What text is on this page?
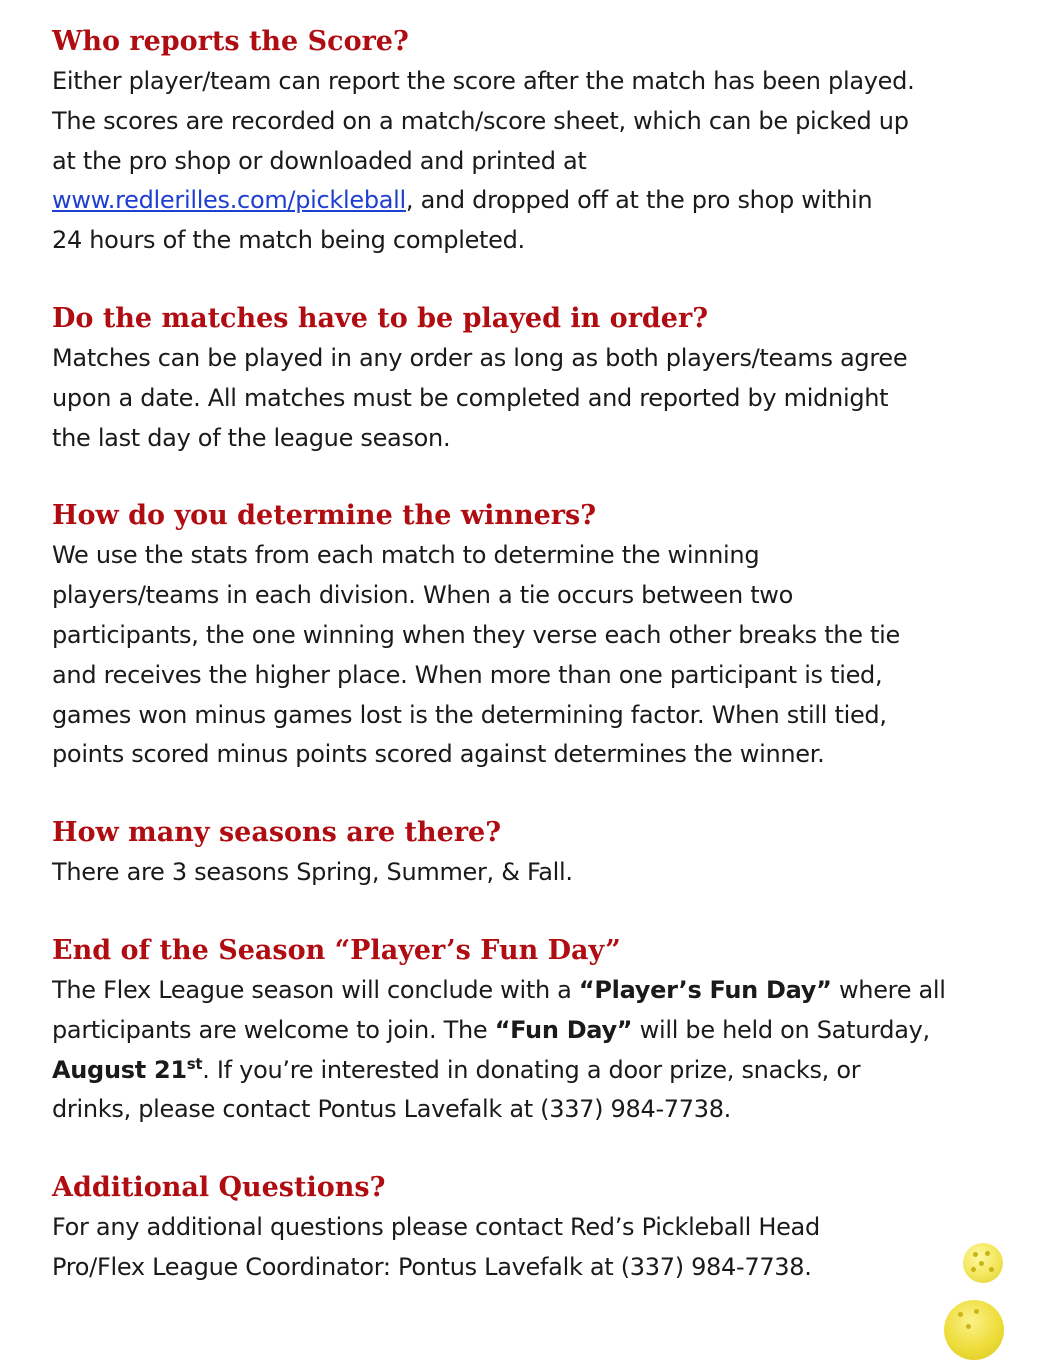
Who reports the Score?

Either player/team can report the score after the match has been played.
The scores are recorded on a match/score sheet, which can be picked up
at the pro shop or downloaded and printed at
www.redlerilles.com/pickleball, and dropped off at the pro shop within
24 hours of the match being completed.

Do the matches have to be played in order?

Matches can be played in any order as long as both players/teams agree
upon a date. All matches must be completed and reported by midnight
the last day of the league season.

How do you determine the winners?

We use the stats from each match to determine the winning
players/teams in each division. When a tie occurs between two
participants, the one winning when they verse each other breaks the tie
and receives the higher place. When more than one participant is tied,
games won minus games lost is the determining factor. When still tied,
points scored minus points scored against determines the winner.

How many seasons are there?

There are 3 seasons Spring, Summer, & Fall.

End of the Season “Player’s Fun Day”

The Flex League season will conclude with a “Player’s Fun Day” where all
participants are welcome to join. The “Fun Day” will be held on Saturday,
August 21st. If you’re interested in donating a door prize, snacks, or
drinks, please contact Pontus Lavefalk at (337) 984-7738.

Additional Questions?

For any additional questions please contact Red’s Pickleball Head
Pro/Flex League Coordinator: Pontus Lavefalk at (337) 984-7738.
